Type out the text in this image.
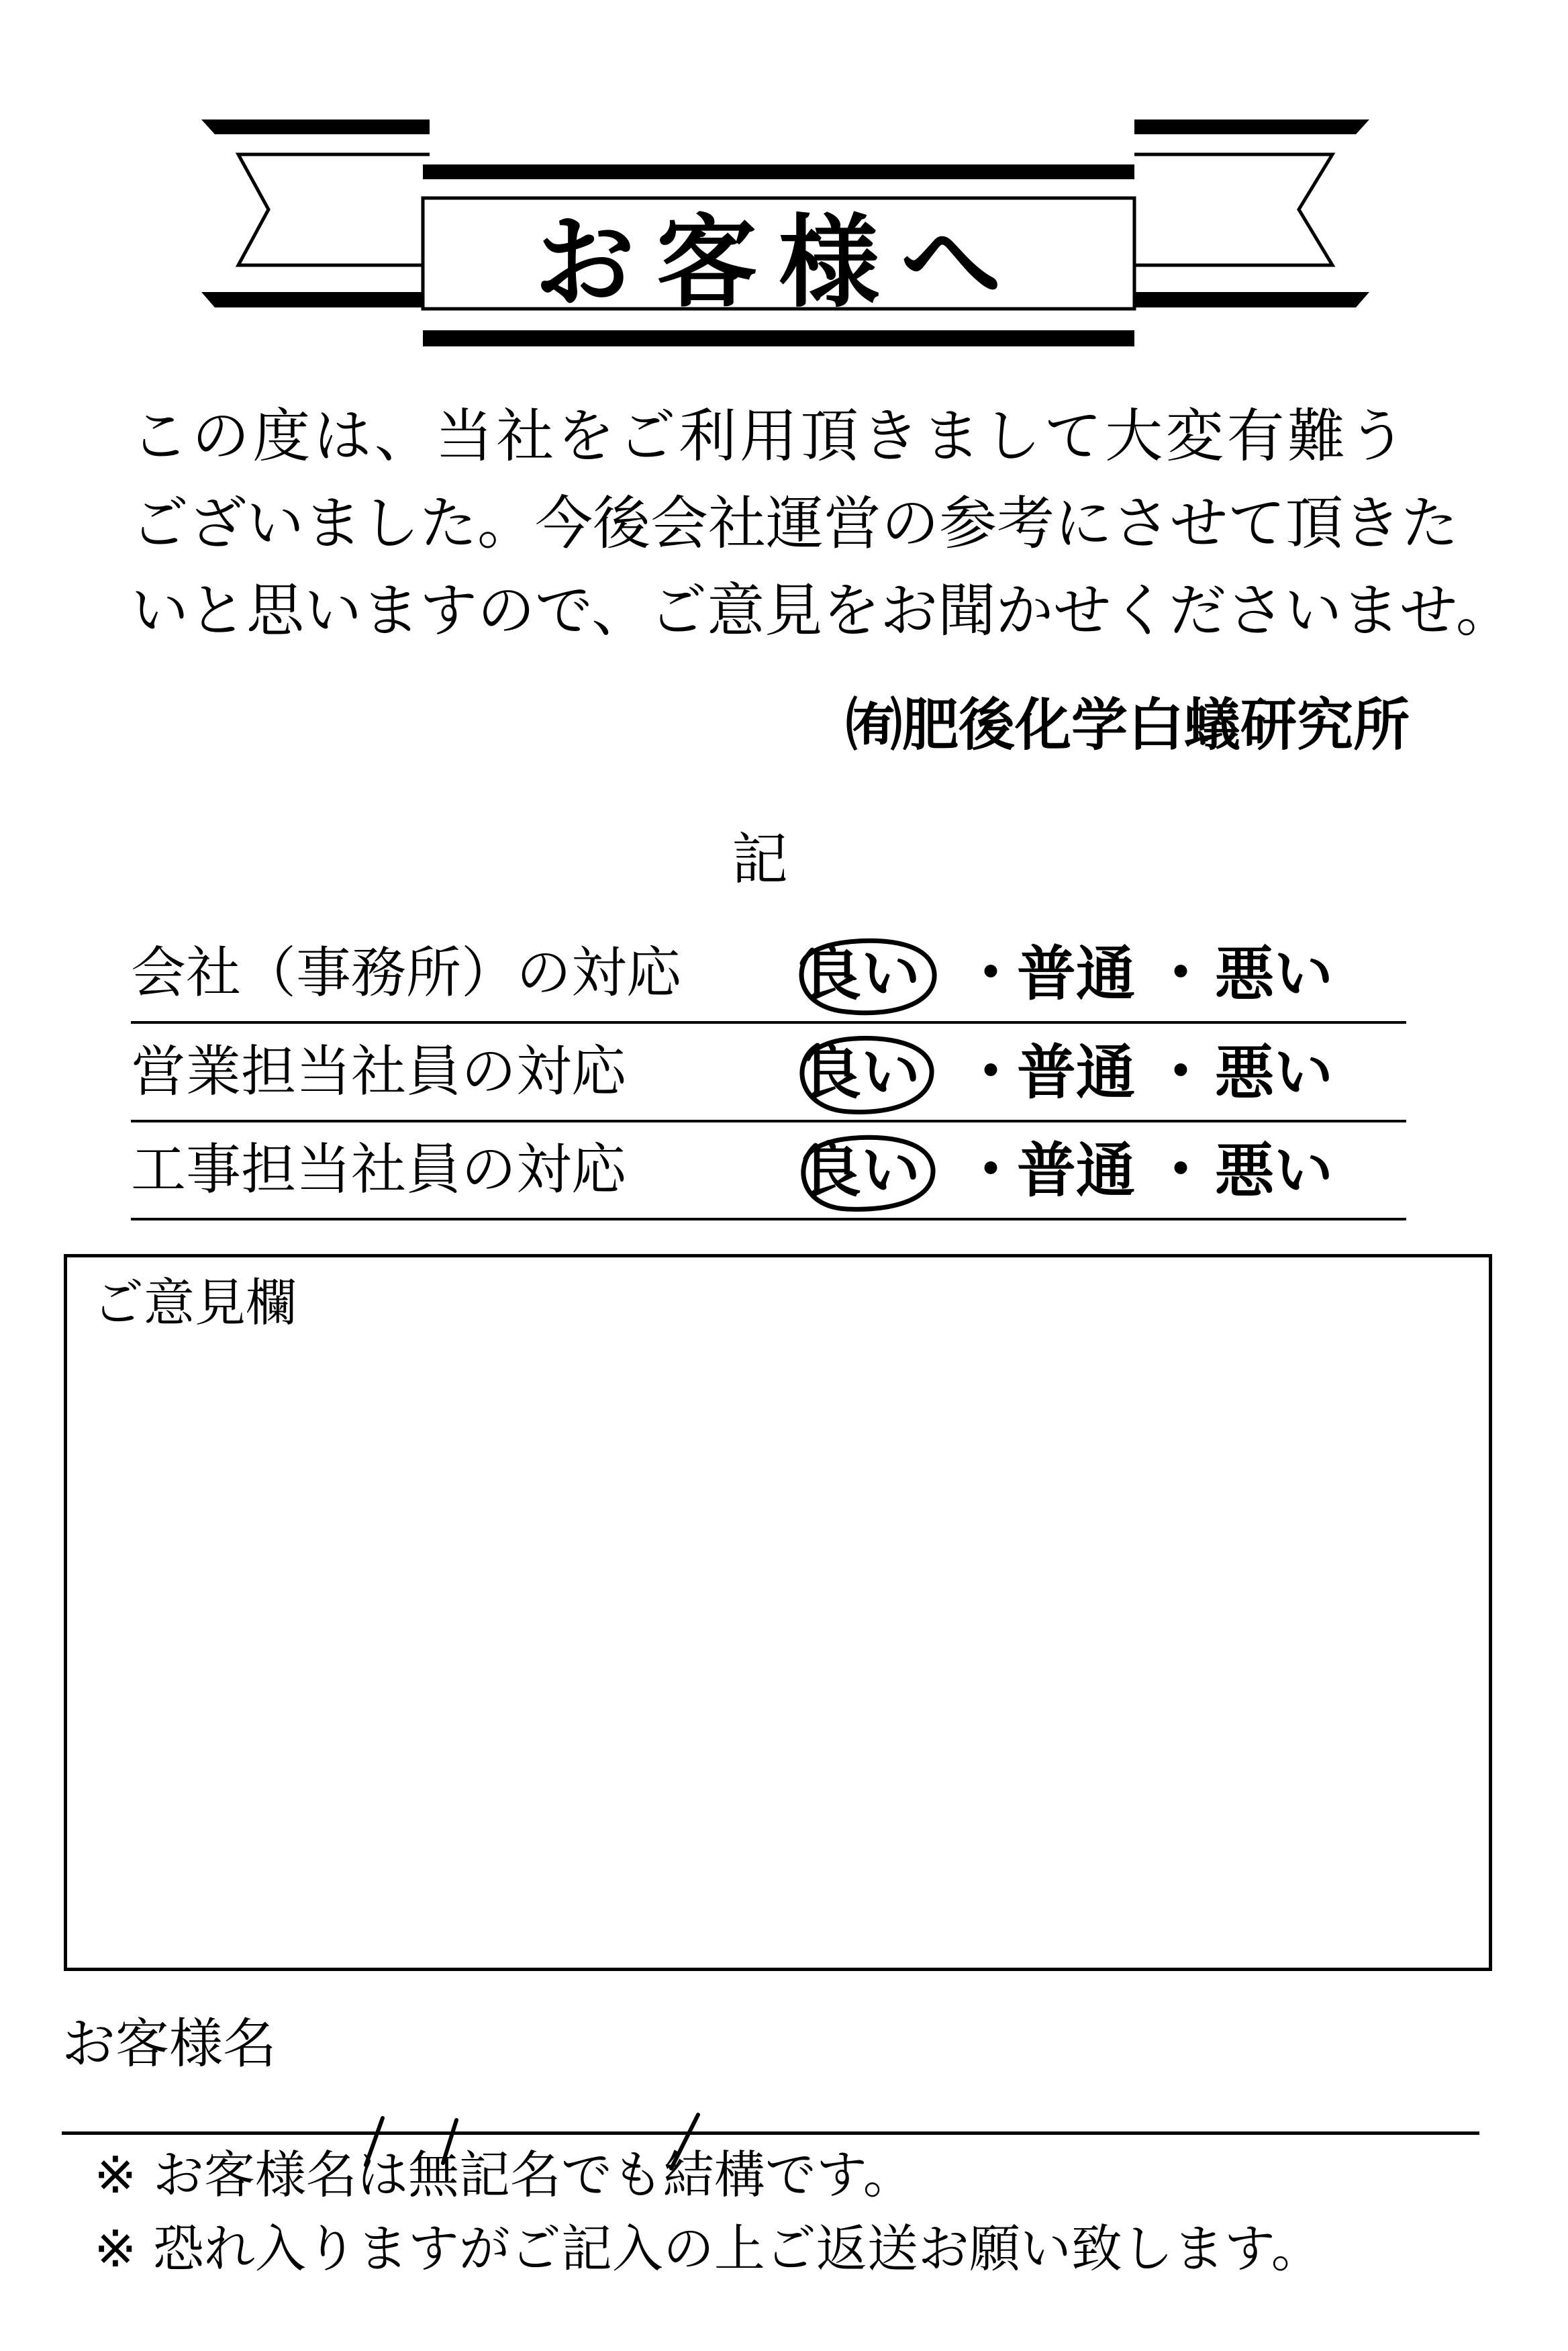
お客様へ
この度は、当社をご利用頂きまして大変有難う
ございました。今後会社運営の参考にさせて頂きた
いと思いますので、ご意見をお聞かせくださいませ。
㈲肥後化学白蟻研究所
記
会社（事務所）の対応 良い ・
普通 ・ 悪い
営業担当社員の対応	良い ・
普通 ・ 悪い
工事担当社員の対応	良い ・
普通 ・ 悪い
ご意見欄
お客様名
※ お客様名は無記名でも結構です。
※ 恐れ入りますがご記入の上ご返送お願い致します。
